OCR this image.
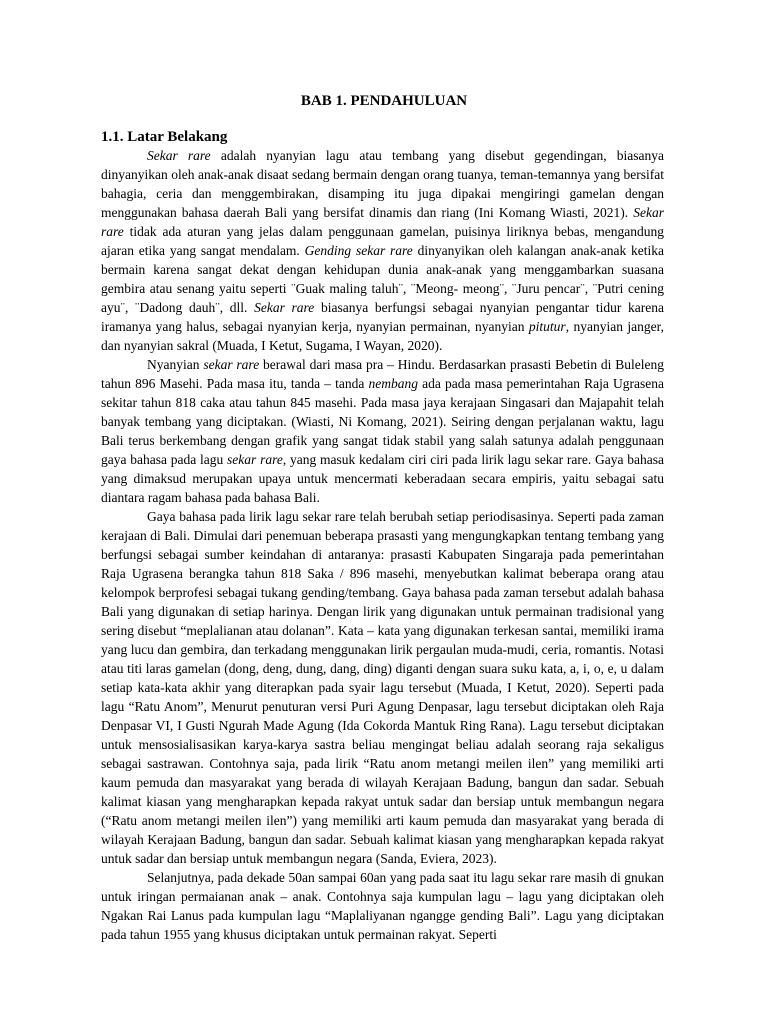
BAB 1. PENDAHULUAN
1.1. Latar Belakang

Sekar rare adalah nyanyian lagu atau tembang yang disebut gegendingan, biasanya dinyanyikan oleh anak-anak disaat sedang bermain dengan orang tuanya, teman-temannya yang bersifat bahagia, ceria dan menggembirakan, disamping itu juga dipakai mengiringi gamelan dengan menggunakan bahasa daerah Bali yang bersifat dinamis dan riang (Ini Komang Wiasti, 2021). Sekar rare tidak ada aturan yang jelas dalam penggunaan gamelan, puisinya liriknya bebas, mengandung ajaran etika yang sangat mendalam. Gending sekar rare dinyanyikan oleh kalangan anak-anak ketika bermain karena sangat dekat dengan kehidupan dunia anak-anak yang menggambarkan suasana gembira atau senang yaitu seperti ¨Guak maling taluh¨, ¨Meong- meong¨, ¨Juru pencar¨, ¨Putri cening ayu¨, ¨Dadong dauh¨, dll. Sekar rare biasanya berfungsi sebagai nyanyian pengantar tidur karena iramanya yang halus, sebagai nyanyian kerja, nyanyian permainan, nyanyian pitutur, nyanyian janger, dan nyanyian sakral (Muada, I Ketut, Sugama, I Wayan, 2020).

Nyanyian sekar rare berawal dari masa pra – Hindu. Berdasarkan prasasti Bebetin di Buleleng tahun 896 Masehi. Pada masa itu, tanda – tanda nembang ada pada masa pemerintahan Raja Ugrasena sekitar tahun 818 caka atau tahun 845 masehi. Pada masa jaya kerajaan Singasari dan Majapahit telah banyak tembang yang diciptakan. (Wiasti, Ni Komang, 2021). Seiring dengan perjalanan waktu, lagu Bali terus berkembang dengan grafik yang sangat tidak stabil yang salah satunya adalah penggunaan gaya bahasa pada lagu sekar rare, yang masuk kedalam ciri ciri pada lirik lagu sekar rare. Gaya bahasa yang dimaksud merupakan upaya untuk mencermati keberadaan secara empiris, yaitu sebagai satu diantara ragam bahasa pada bahasa Bali.

Gaya bahasa pada lirik lagu sekar rare telah berubah setiap periodisasinya. Seperti pada zaman kerajaan di Bali. Dimulai dari penemuan beberapa prasasti yang mengungkapkan tentang tembang yang berfungsi sebagai sumber keindahan di antaranya: prasasti Kabupaten Singaraja pada pemerintahan Raja Ugrasena berangka tahun 818 Saka / 896 masehi, menyebutkan kalimat beberapa orang atau kelompok berprofesi sebagai tukang gending/tembang. Gaya bahasa pada zaman tersebut adalah bahasa Bali yang digunakan di setiap harinya. Dengan lirik yang digunakan untuk permainan tradisional yang sering disebut “meplalianan atau dolanan”. Kata – kata yang digunakan terkesan santai, memiliki irama yang lucu dan gembira, dan terkadang menggunakan lirik pergaulan muda-mudi, ceria, romantis. Notasi atau titi laras gamelan (dong, deng, dung, dang, ding) diganti dengan suara suku kata, a, i, o, e, u dalam setiap kata-kata akhir yang diterapkan pada syair lagu tersebut (Muada, I Ketut, 2020). Seperti pada lagu “Ratu Anom”, Menurut penuturan versi Puri Agung Denpasar, lagu tersebut diciptakan oleh Raja Denpasar VI, I Gusti Ngurah Made Agung (Ida Cokorda Mantuk Ring Rana). Lagu tersebut diciptakan untuk mensosialisasikan karya-karya sastra beliau mengingat beliau adalah seorang raja sekaligus sebagai sastrawan. Contohnya saja, pada lirik “Ratu anom metangi meilen ilen” yang memiliki arti kaum pemuda dan masyarakat yang berada di wilayah Kerajaan Badung, bangun dan sadar. Sebuah kalimat kiasan yang mengharapkan kepada rakyat untuk sadar dan bersiap untuk membangun negara (“Ratu anom metangi meilen ilen”) yang memiliki arti kaum pemuda dan masyarakat yang berada di wilayah Kerajaan Badung, bangun dan sadar. Sebuah kalimat kiasan yang mengharapkan kepada rakyat untuk sadar dan bersiap untuk membangun negara (Sanda, Eviera, 2023).

Selanjutnya, pada dekade 50an sampai 60an yang pada saat itu lagu sekar rare masih di gnukan untuk iringan permaianan anak – anak. Contohnya saja kumpulan lagu – lagu yang diciptakan oleh Ngakan Rai Lanus pada kumpulan lagu “Maplaliyanan ngangge gending Bali”. Lagu yang diciptakan pada tahun 1955 yang khusus diciptakan untuk permainan rakyat. Seperti
